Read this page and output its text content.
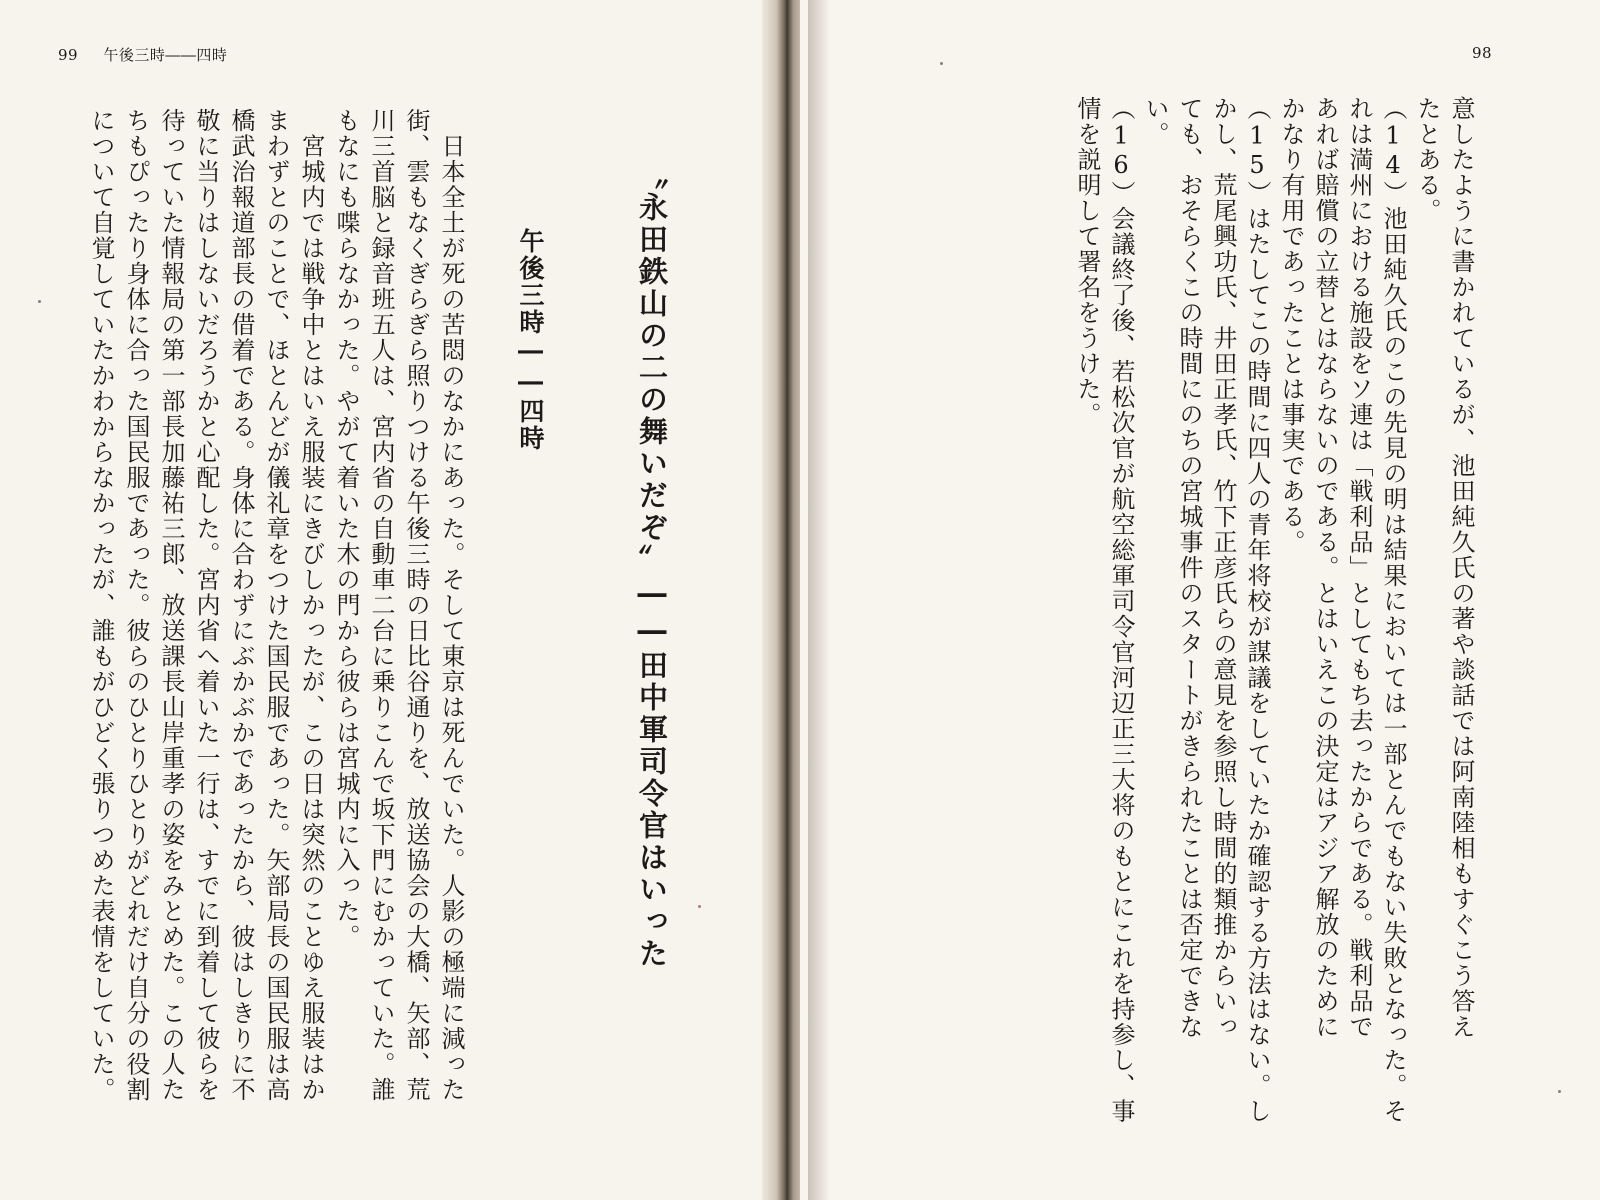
99 午後三時――四時
〝永田鉄山の二の舞いだぞ〟――田中軍司令官はいった
午後三時――四時
　日本全土が死の苦悶のなかにあった。そして東京は死んでいた。人影の極端に減った
街、雲もなくぎらぎら照りつける午後三時の日比谷通りを、放送協会の大橋、矢部、荒
川三首脳と録音班五人は、宮内省の自動車二台に乗りこんで坂下門にむかっていた。誰
もなにも喋らなかった。やがて着いた木の門から彼らは宮城内に入った。
　宮城内では戦争中とはいえ服装にきびしかったが、この日は突然のことゆえ服装はか
まわずとのことで、ほとんどが儀礼章をつけた国民服であった。矢部局長の国民服は高
橋武治報道部長の借着である。身体に合わずにぶかぶかであったから、彼はしきりに不
敬に当りはしないだろうかと心配した。宮内省へ着いた一行は、すでに到着して彼らを
待っていた情報局の第一部長加藤祐三郎、放送課長山岸重孝の姿をみとめた。この人た
ちもぴったり身体に合った国民服であった。彼らのひとりひとりがどれだけ自分の役割
について自覚していたかわからなかったが、誰もがひどく張りつめた表情をしていた。
98
意したように書かれているが、池田純久氏の著や談話では阿南陸相もすぐこう答え
たとある。
（14）池田純久氏のこの先見の明は結果においては一部とんでもない失敗となった。そ
れは満州における施設をソ連は「戦利品」としてもち去ったからである。戦利品で
あれば賠償の立替とはならないのである。とはいえこの決定はアジア解放のために
かなり有用であったことは事実である。
（15）はたしてこの時間に四人の青年将校が謀議をしていたか確認する方法はない。し
かし、荒尾興功氏、井田正孝氏、竹下正彦氏らの意見を参照し時間的類推からいっ
ても、おそらくこの時間にのちの宮城事件のスタートがきられたことは否定できな
い。
（16）会議終了後、若松次官が航空総軍司令官河辺正三大将のもとにこれを持参し、事
情を説明して署名をうけた。
